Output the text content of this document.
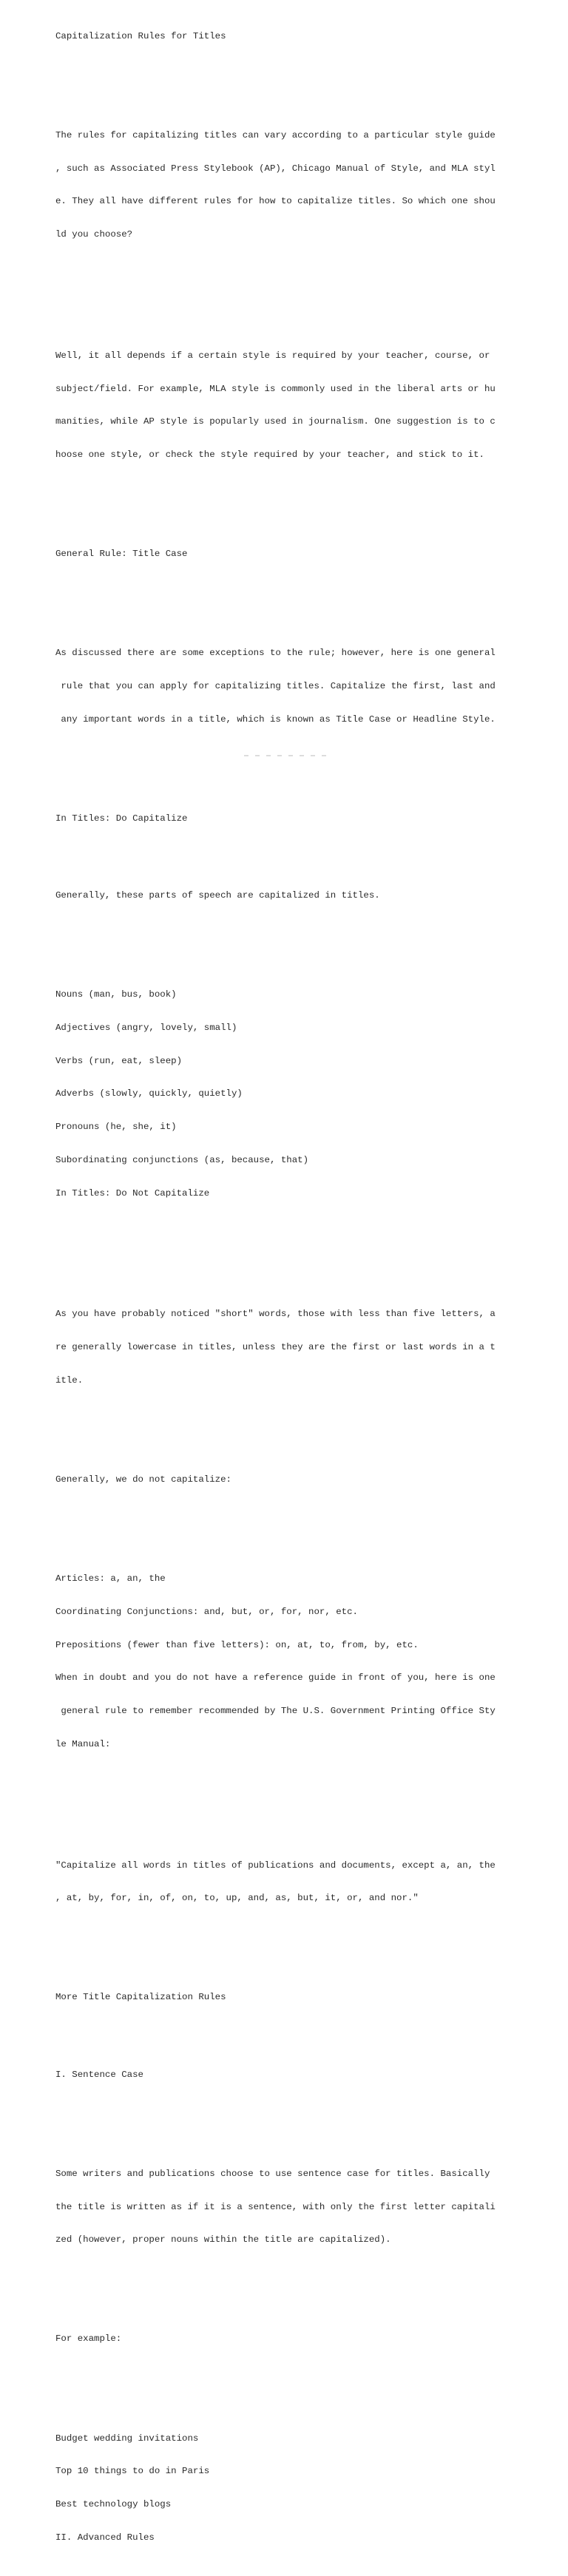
Capitalization Rules for Titles

The rules for capitalizing titles can vary according to a particular style guide

, such as Associated Press Stylebook (AP), Chicago Manual of Style, and MLA styl

e. They all have different rules for how to capitalize titles. So which one shou

ld you choose?

Well, it all depends if a certain style is required by your teacher, course, or

subject/field. For example, MLA style is commonly used in the liberal arts or hu

manities, while AP style is popularly used in journalism. One suggestion is to c

hoose one style, or check the style required by your teacher, and stick to it.

General Rule: Title Case

As discussed there are some exceptions to the rule; however, here is one general

rule that you can apply for capitalizing titles. Capitalize the first, last and

any important words in a title, which is known as Title Case or Headline Style.

In Titles: Do Capitalize

Generally, these parts of speech are capitalized in titles.

Nouns (man, bus, book)

Adjectives (angry, lovely, small)

Verbs (run, eat, sleep)

Adverbs (slowly, quickly, quietly)

Pronouns (he, she, it)

Subordinating conjunctions (as, because, that)

In Titles: Do Not Capitalize

As you have probably noticed "short" words, those with less than five letters, a

re generally lowercase in titles, unless they are the first or last words in a t

itle.

Generally, we do not capitalize:

Articles: a, an, the

Coordinating Conjunctions: and, but, or, for, nor, etc.

Prepositions (fewer than five letters): on, at, to, from, by, etc.

When in doubt and you do not have a reference guide in front of you, here is one

general rule to remember recommended by The U.S. Government Printing Office Sty

le Manual:

"Capitalize all words in titles of publications and documents, except a, an, the

, at, by, for, in, of, on, to, up, and, as, but, it, or, and nor."

More Title Capitalization Rules

I. Sentence Case

Some writers and publications choose to use sentence case for titles. Basically

the title is written as if it is a sentence, with only the first letter capitali

zed (however, proper nouns within the title are capitalized).

For example:

Budget wedding invitations

Top 10 things to do in Paris

Best technology blogs

II. Advanced Rules
